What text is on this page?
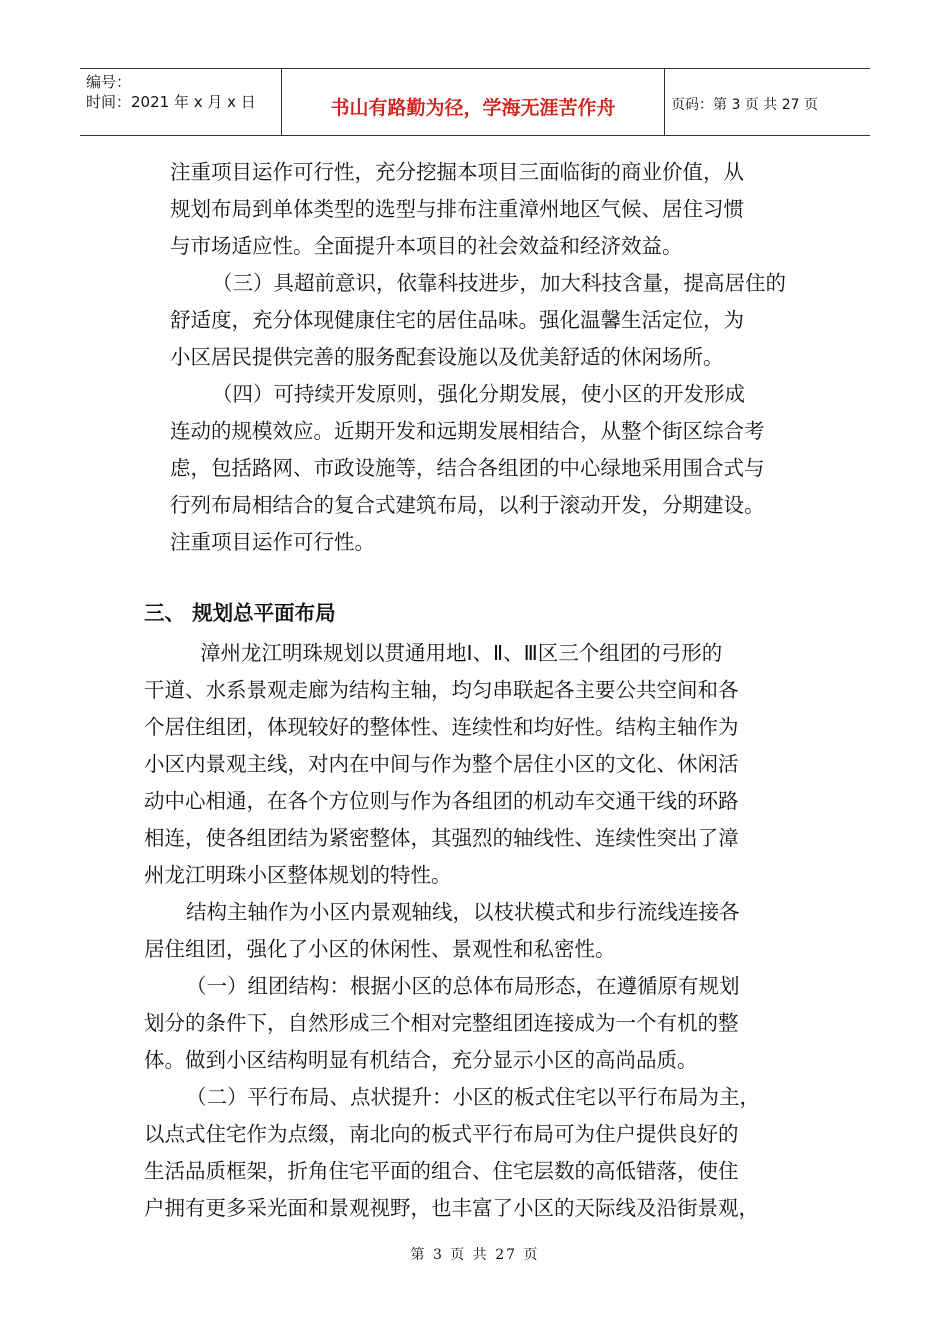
编号：
时间：2021 年 x 月 x 日	书山有路勤为径，学海无涯苦作舟	页码：第 3 页 共 27 页
注重项目运作可行性，充分挖掘本项目三面临街的商业价值，从
规划布局到单体类型的选型与排布注重漳州地区气候、居住习惯
与市场适应性。全面提升本项目的社会效益和经济效益。
（三）具超前意识，依靠科技进步，加大科技含量，提高居住的
舒适度，充分体现健康住宅的居住品味。强化温馨生活定位，为
小区居民提供完善的服务配套设施以及优美舒适的休闲场所。
（四）可持续开发原则，强化分期发展，使小区的开发形成
连动的规模效应。近期开发和远期发展相结合，从整个街区综合考
虑，包括路网、市政设施等，结合各组团的中心绿地采用围合式与
行列布局相结合的复合式建筑布局，以利于滚动开发，分期建设。
注重项目运作可行性。
三、 规划总平面布局
漳州龙江明珠规划以贯通用地Ⅰ、Ⅱ、Ⅲ区三个组团的弓形的
干道、水系景观走廊为结构主轴，均匀串联起各主要公共空间和各
个居住组团，体现较好的整体性、连续性和均好性。结构主轴作为
小区内景观主线，对内在中间与作为整个居住小区的文化、休闲活
动中心相通，在各个方位则与作为各组团的机动车交通干线的环路
相连，使各组团结为紧密整体，其强烈的轴线性、连续性突出了漳
州龙江明珠小区整体规划的特性。
结构主轴作为小区内景观轴线，以枝状模式和步行流线连接各
居住组团，强化了小区的休闲性、景观性和私密性。
（一）组团结构：根据小区的总体布局形态，在遵循原有规划
划分的条件下，自然形成三个相对完整组团连接成为一个有机的整
体。做到小区结构明显有机结合，充分显示小区的高尚品质。
（二）平行布局、点状提升：小区的板式住宅以平行布局为主，
以点式住宅作为点缀，南北向的板式平行布局可为住户提供良好的
生活品质框架，折角住宅平面的组合、住宅层数的高低错落，使住
户拥有更多采光面和景观视野，也丰富了小区的天际线及沿街景观，
第 3 页 共 27 页
